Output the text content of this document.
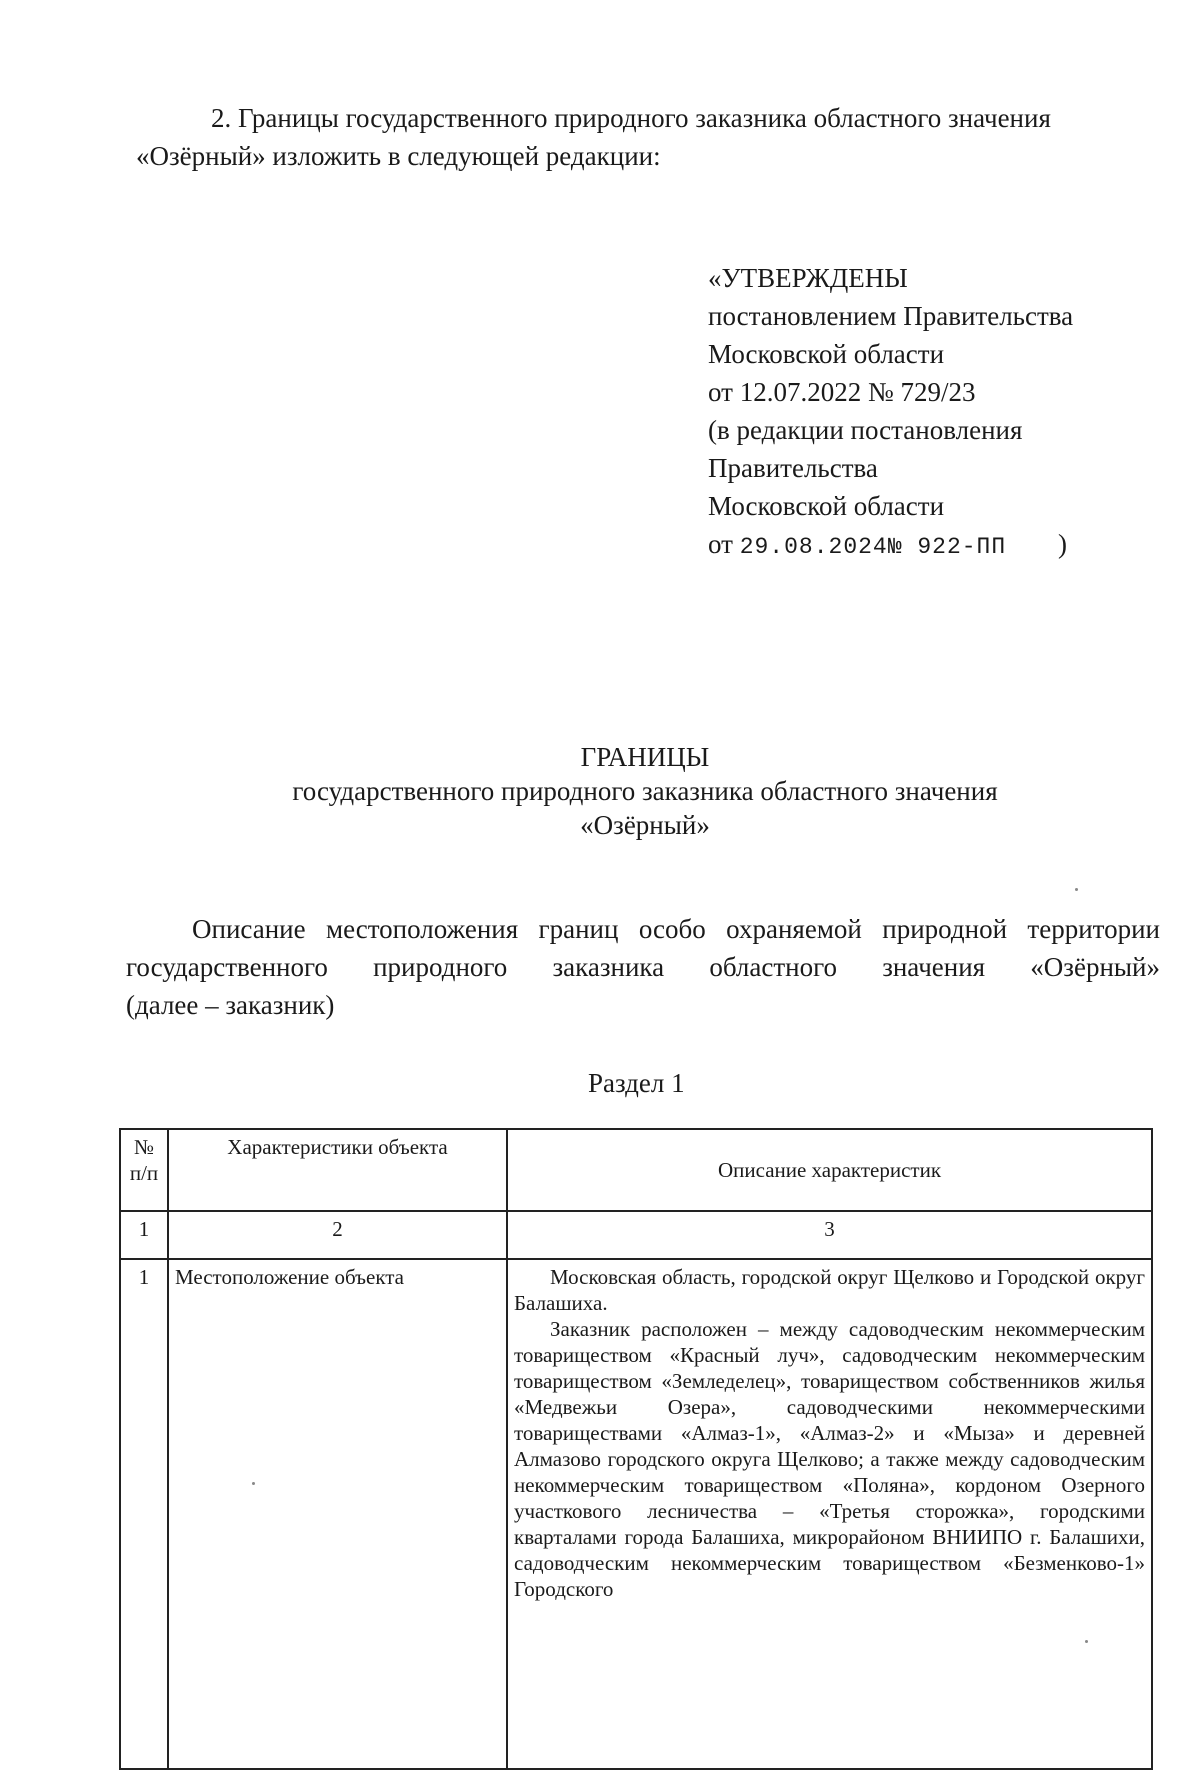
2. Границы государственного природного заказника областного значения
«Озёрный» изложить в следующей редакции:

«УТВЕРЖДЕНЫ
постановлением Правительства
Московской области
от 12.07.2022 № 729/23
(в редакции постановления
Правительства
Московской области
от 29.08.2024№ 922-ПП )
ГРАНИЦЫ
государственного природного заказника областного значения
«Озёрный»

Описание местоположения границ особо охраняемой природной территории
государственного природного заказника областного значения «Озёрный»
(далее – заказник)

Раздел 1
№ п/п	Характеристики объекта	Описание характеристик
1	2	3
1	Местоположение объекта	Московская область, городской округ Щелково и Городской округ Балашиха.

Заказник расположен – между садоводческим некоммерческим товариществом «Красный луч», садоводческим некоммерческим товариществом «Земледелец», товариществом собственников жилья «Медвежьи Озера», садоводческими некоммерческими товариществами «Алмаз-1», «Алмаз-2» и «Мыза» и деревней Алмазово городского округа Щелково; а также между садоводческим некоммерческим товариществом «Поляна», кордоном Озерного участкового лесничества – «Третья сторожка», городскими кварталами города Балашиха, микрорайоном ВНИИПО г. Балашихи, садоводческим некоммерческим товариществом «Безменково-1» Городского
